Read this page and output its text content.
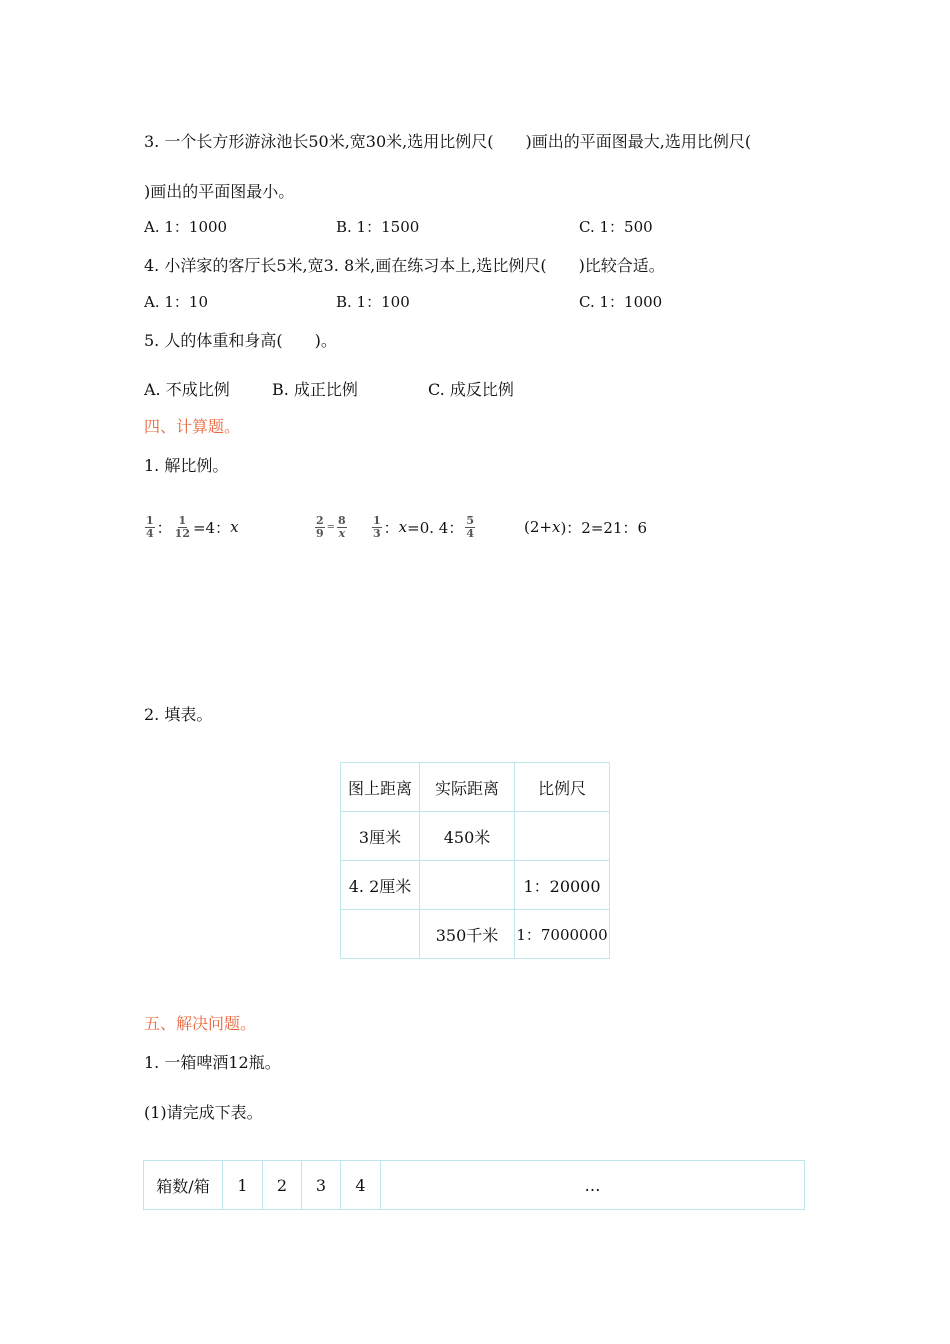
3. 一个长方形游泳池长50米,宽30米,选用比例尺(　　)画出的平面图最大,选用比例尺(
)画出的平面图最小。
A. 1：1000	B. 1：1500	C. 1：500
4. 小洋家的客厅长5米,宽3. 8米,画在练习本上,选比例尺(　　)比较合适。
A. 1：10	B. 1：100	C. 1：1000
5. 人的体重和身高(　　)。
A. 不成比例	B. 成正比例	C. 成反比例
四、计算题。
1. 解比例。
$\frac{1}{4}$ ： $\frac{1}{12} =4$： x	$\frac{2}{9} = \frac{8}{x} \frac{1}{3}$ ： x =0. 4： $\frac{5}{4}$	(2+ x )：2=21：6
2. 填表。
图上距离	实际距离	比例尺
3厘米	450米	
4. 2厘米		1：20000
	350千米	1：7000000
五、解决问题。
1. 一箱啤酒12瓶。
(1)请完成下表。
箱数/箱	1	2	3	4	…
